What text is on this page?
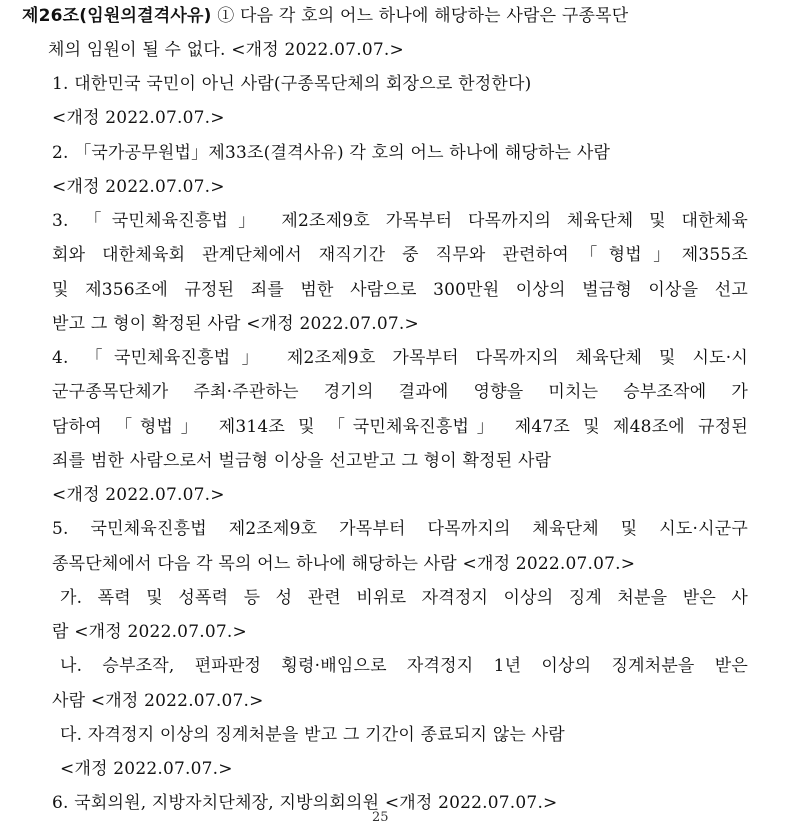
제26조(임원의결격사유) ① 다음 각 호의 어느 하나에 해당하는 사람은 구종목단
체의 임원이 될 수 없다. <개정 2022.07.07.>
1. 대한민국 국민이 아닌 사람(구종목단체의 회장으로 한정한다)
<개정 2022.07.07.>
2. 「국가공무원법」제33조(결격사유) 각 호의 어느 하나에 해당하는 사람
<개정 2022.07.07.>
3. 「국민체육진흥법」 제2조제9호 가목부터 다목까지의 체육단체 및 대한체육
회와 대한체육회 관계단체에서 재직기간 중 직무와 관련하여「형법」제355조
및 제356조에 규정된 죄를 범한 사람으로 300만원 이상의 벌금형 이상을 선고
받고 그 형이 확정된 사람 <개정 2022.07.07.>
4. 「국민체육진흥법」 제2조제9호 가목부터 다목까지의 체육단체 및 시도·시
군구종목단체가 주최·주관하는 경기의 결과에 영향을 미치는 승부조작에 가
담하여 「형법」 제314조 및 「국민체육진흥법」 제47조 및 제48조에 규정된
죄를 범한 사람으로서 벌금형 이상을 선고받고 그 형이 확정된 사람
<개정 2022.07.07.>
5. 국민체육진흥법 제2조제9호 가목부터 다목까지의 체육단체 및 시도·시군구
종목단체에서 다음 각 목의 어느 하나에 해당하는 사람 <개정 2022.07.07.>
가. 폭력 및 성폭력 등 성 관련 비위로 자격정지 이상의 징계 처분을 받은 사
람 <개정 2022.07.07.>
나. 승부조작, 편파판정 횡령·배임으로 자격정지 1년 이상의 징계처분을 받은
사람 <개정 2022.07.07.>
다. 자격정지 이상의 징계처분을 받고 그 기간이 종료되지 않는 사람
<개정 2022.07.07.>
6. 국회의원, 지방자치단체장, 지방의회의원 <개정 2022.07.07.>
25
